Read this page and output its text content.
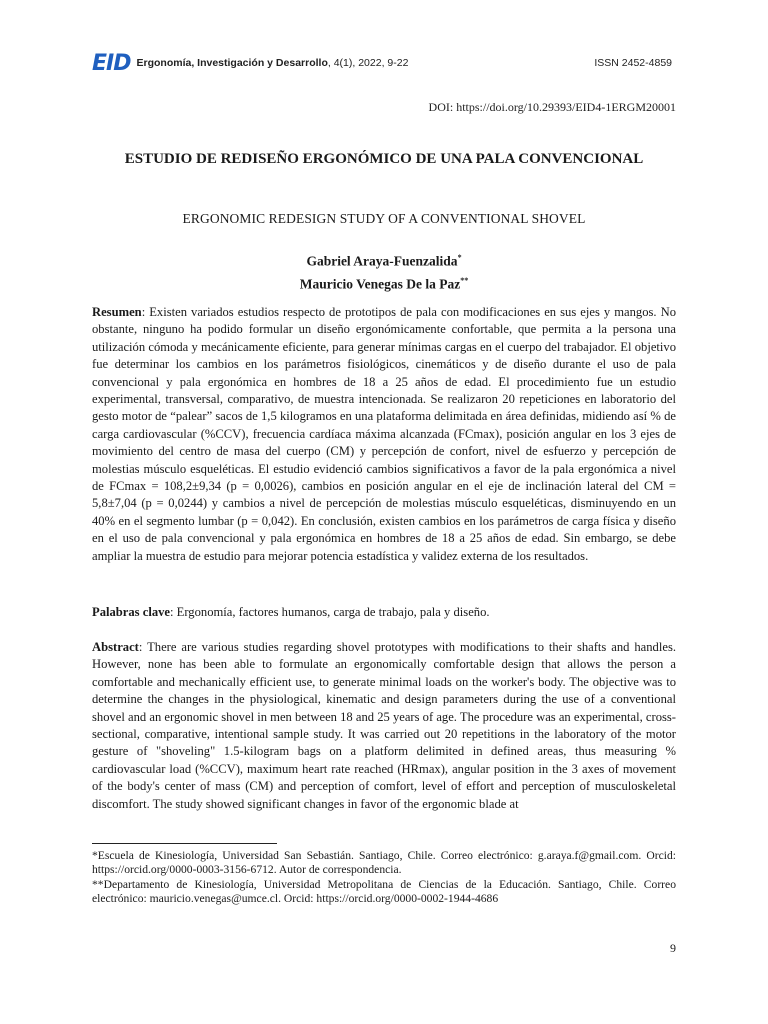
EID Ergonomía, Investigación y Desarrollo, 4(1), 2022, 9-22	ISSN 2452-4859
DOI: https://doi.org/10.29393/EID4-1ERGM20001
ESTUDIO DE REDISEÑO ERGONÓMICO DE UNA PALA CONVENCIONAL
ERGONOMIC REDESIGN STUDY OF A CONVENTIONAL SHOVEL
Gabriel Araya-Fuenzalida*
Mauricio Venegas De la Paz**
Resumen: Existen variados estudios respecto de prototipos de pala con modificaciones en sus ejes y mangos. No obstante, ninguno ha podido formular un diseño ergonómicamente confortable, que permita a la persona una utilización cómoda y mecánicamente eficiente, para generar mínimas cargas en el cuerpo del trabajador. El objetivo fue determinar los cambios en los parámetros fisiológicos, cinemáticos y de diseño durante el uso de pala convencional y pala ergonómica en hombres de 18 a 25 años de edad. El procedimiento fue un estudio experimental, transversal, comparativo, de muestra intencionada. Se realizaron 20 repeticiones en laboratorio del gesto motor de “palear” sacos de 1,5 kilogramos en una plataforma delimitada en área definidas, midiendo así % de carga cardiovascular (%CCV), frecuencia cardíaca máxima alcanzada (FCmax), posición angular en los 3 ejes de movimiento del centro de masa del cuerpo (CM) y percepción de confort, nivel de esfuerzo y percepción de molestias músculo esqueléticas. El estudio evidenció cambios significativos a favor de la pala ergonómica a nivel de FCmax = 108,2±9,34 (p = 0,0026), cambios en posición angular en el eje de inclinación lateral del CM = 5,8±7,04 (p = 0,0244) y cambios a nivel de percepción de molestias músculo esqueléticas, disminuyendo en un 40% en el segmento lumbar (p = 0,042). En conclusión, existen cambios en los parámetros de carga física y diseño en el uso de pala convencional y pala ergonómica en hombres de 18 a 25 años de edad. Sin embargo, se debe ampliar la muestra de estudio para mejorar potencia estadística y validez externa de los resultados.
Palabras clave: Ergonomía, factores humanos, carga de trabajo, pala y diseño.
Abstract: There are various studies regarding shovel prototypes with modifications to their shafts and handles. However, none has been able to formulate an ergonomically comfortable design that allows the person a comfortable and mechanically efficient use, to generate minimal loads on the worker's body. The objective was to determine the changes in the physiological, kinematic and design parameters during the use of a conventional shovel and an ergonomic shovel in men between 18 and 25 years of age. The procedure was an experimental, cross-sectional, comparative, intentional sample study. It was carried out 20 repetitions in the laboratory of the motor gesture of "shoveling" 1.5-kilogram bags on a platform delimited in defined areas, thus measuring % cardiovascular load (%CCV), maximum heart rate reached (HRmax), angular position in the 3 axes of movement of the body's center of mass (CM) and perception of comfort, level of effort and perception of musculoskeletal discomfort. The study showed significant changes in favor of the ergonomic blade at

*Escuela de Kinesiología, Universidad San Sebastián. Santiago, Chile. Correo electrónico: g.araya.f@gmail.com. Orcid: https://orcid.org/0000-0003-3156-6712. Autor de correspondencia.

**Departamento de Kinesiología, Universidad Metropolitana de Ciencias de la Educación. Santiago, Chile. Correo electrónico: mauricio.venegas@umce.cl. Orcid: https://orcid.org/0000-0002-1944-4686

9
